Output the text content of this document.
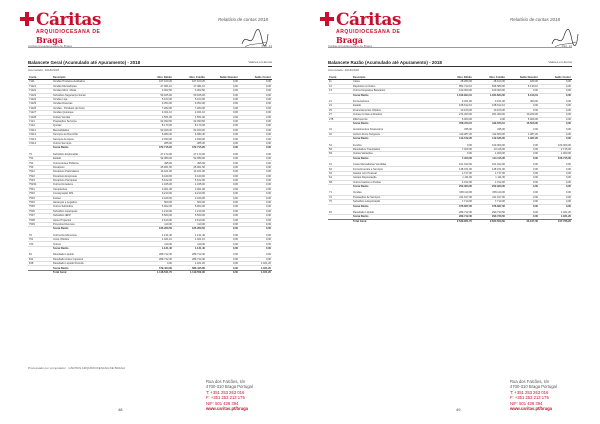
Cáritas
ARQUIDIOCESANA DE
Braga
Relatório de contas 2018
Cáritas Arquidiocesana de Braga	Pág. 13
Balancete Geral (Acumulado até Apuramento) - 2018	Valores em Euros
Acumulado: 2018/2018
Conta	Descrição	Mov. Débito	Mov. Crédito	Saldo Devedor	Saldo Credor
7111	Vendas Produtos Acabados	107.103,20	107.103,20	0,00	0,00
71121	Vendas Mercadorias	27.381,10	27.381,10	0,00	0,00
71122	Vendas Merc. Moda	3.302,50	3.302,50	0,00	0,00
71123	Subsídios Segurança Social	50.025,00	50.025,00	0,00	0,00
71124	Vendas Loja	5.103,00	5.103,00	0,00	0,00
71125	Vendas Diversas	9.354,00	9.354,00	0,00	0,00
71126	Vendas - Produtos de Feira	7.283,00	7.283,00	0,00	0,00
71127	Vendas Quiosque	2.401,10	2.401,10	0,00	0,00
71128	Outras Vendas	1.551,00	1.551,00	0,00	0,00
7121	Prestações Serviços	62.093,50	62.093,50	0,00	0,00
7122	Quotas	8.170,00	8.170,00	0,00	0,00
72111	Mensalidades	52.460,20	52.460,20	0,00	0,00
72112	Serviços ao Domicílio	6.083,40	6.083,40	0,00	0,00
72113	Serviços de Apoio	2.930,00	2.930,00	0,00	0,00
72114	Outros Serviços	285,00	285,00	0,00	0,00
	Soma Razão	372.715,20	372.715,20	0,00	0,00

75	Subsídios Exploração	27.174,00	27.174,00	0,00	0,00
751	Estado	52.380,00	52.380,00	0,00	0,00
752	Outros Entes Públicos	495,00	495,00	0,00	0,00
753	Donativos	25.961,50	25.961,50	0,00	0,00
7521	Donativos Particulares	13.421,00	13.421,00	0,00	0,00
7522	Donativos Empresas	9.440,00	9.440,00	0,00	0,00
7523	Donativos Paróquias	5.102,00	5.102,00	0,00	0,00
75232	Outros Donativos	1.345,00	1.345,00	0,00	0,00
7531	Campanhas	3.301,00	3.301,00	0,00	0,00
7532	Consignação IRS	9.210,00	9.210,00	0,00	0,00
7533	Festas	2.440,00	2.440,00	0,00	0,00
7534	Heranças e Legados	500,00	500,00	0,00	0,00
7535	Outros Subsídios	5.002,00	5.002,00	0,00	0,00
7536	Subsídios Autarquias	1.210,00	1.210,00	0,00	0,00
7537	Subsídios IEFP	5.560,00	5.560,00	0,00	0,00
7538	Apoio Projectos	2.610,00	2.610,00	0,00	0,00
7539	Proveitos Diversos	110,00	110,00	0,00	0,00
	Soma Razão	165.260,50	165.260,50	0,00	0,00

76	Outros Rendimentos	1.131,40	1.131,40	0,00	0,00
761	Juros Obtidos	1.021,10	1.021,10	0,00	0,00
762	Outros	110,30	110,30	0,00	0,00
	Soma Razão	1.131,40	1.131,40	0,00	0,00

81	Resultado Líquido	289.712,30	289.712,30	0,00	0,00
811	Resultado Antes Impostos	289.712,30	289.712,30	0,00	0,00
818	Resultado Líquido Período	0,00	1.021,20	0,00	1.021,20
	Soma Razão	579.424,60	580.445,80	0,00	1.021,20
	Total Geral	1.118.531,70	1.119.552,90	0,00	1.021,20
Processado por computador · CÁRITAS ARQUIDIOCESANA DE BRAGA
Rua dos Falcões, s/n
4700-310 Braga Portugal
T: +351 253 263 016
F: +351 253 213 175
NIF: 501 436 394
www.caritas.pt/braga
48
Cáritas
ARQUIDIOCESANA DE
Braga
Relatório de contas 2018
Cáritas Arquidiocesana de Braga	Pág. 14
Balancete Razão (Acumulado até Apuramento) - 2018	Valores em Euros
Acumulado: 2018/2018
Conta	Descrição	Mov. Débito	Mov. Crédito	Saldo Devedor	Saldo Credor
11	Caixa	28.284,00	28.104,00	180,00	0,00
12	Depósitos à Ordem	852.710,10	846.580,00	6.130,10	0,00
13	Outros Depósitos Bancários	160.000,00	160.000,00	0,00	0,00
	Soma Razão	1.040.994,10	1.034.684,00	6.310,10	0,00

21	Fornecedores	3.461,00	3.161,00	300,00	0,00
24	Estado	168.612,10	168.612,10	0,00	0,00
25	Financiamentos Obtidos	10.100,00	10.100,00	0,00	0,00
27	Outras Contas a Receber	271.200,00	261.000,00	10.200,00	0,00
278	Diferimentos	5.000,00	0,00	5.000,00	0,00
	Soma Razão	458.373,10	442.873,10	15.500,00	0,00

31	Investimentos Financeiros	335,00	335,00	0,00	0,00
32	Activos Fixos Tangíveis	113.387,20	112.000,00	1.387,20	0,00
	Soma Razão	113.722,20	112.335,00	1.387,20	0,00

51	Fundos	0,00	103.000,00	0,00	103.000,00
56	Resultados Transitados	7.400,00	10.115,00	0,00	2.715,00
59	Outras Variações	0,00	1.000,00	0,00	1.000,00
	Soma Razão	7.400,00	114.115,00	0,00	106.715,00

61	Custo Mercadorias Vendidas	101.012,00	101.012,00	0,00	0,00
62	Fornecimentos e Serviços	148.071,00	148.071,00	0,00	0,00
63	Gastos com Pessoal	1.717,00	1.717,00	0,00	0,00
64	Gastos Depreciação	1.111,00	1.111,00	0,00	0,00
68	Outros Gastos e Perdas	1.012,00	1.012,00	0,00	0,00
	Soma Razão	252.923,00	252.923,00	0,00	0,00

71	Vendas	158.110,00	158.110,00	0,00	0,00
72	Prestações de Serviços	211.017,00	211.017,00	0,00	0,00
75	Subsídios à Exploração	7.710,00	7.710,00	0,00	0,00
	Soma Razão	376.837,00	376.837,00	0,00	0,00

81	Resultado Líquido	289.712,30	290.733,50	0,00	1.021,20
	Soma Razão	289.712,30	290.733,50	0,00	1.021,20
	Total Geral	2.539.961,70	2.624.500,60	23.197,30	107.736,20
Rua dos Falcões, s/n
4700-310 Braga Portugal
T: +351 253 263 016
F: +351 253 213 175
NIF: 501 436 394
www.caritas.pt/braga
49
